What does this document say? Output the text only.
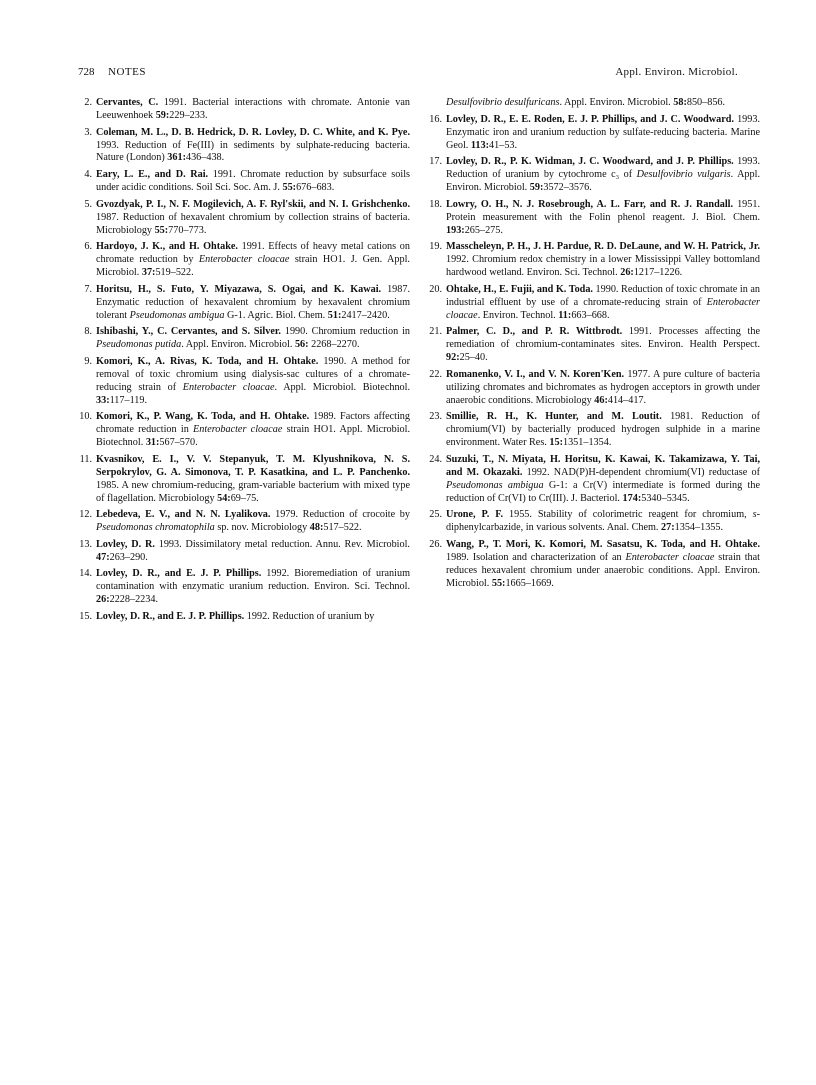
728 NOTES	Appl. Environ. Microbiol.

2. Cervantes, C. 1991. Bacterial interactions with chromate. Antonie van Leeuwenhoek 59:229–233.

3. Coleman, M. L., D. B. Hedrick, D. R. Lovley, D. C. White, and K. Pye. 1993. Reduction of Fe(III) in sediments by sulphate-reducing bacteria. Nature (London) 361:436–438.

4. Eary, L. E., and D. Rai. 1991. Chromate reduction by subsurface soils under acidic conditions. Soil Sci. Soc. Am. J. 55:676–683.

5. Gvozdyak, P. I., N. F. Mogilevich, A. F. Ryl'skii, and N. I. Grishchenko. 1987. Reduction of hexavalent chromium by collection strains of bacteria. Microbiology 55:770–773.

6. Hardoyo, J. K., and H. Ohtake. 1991. Effects of heavy metal cations on chromate reduction by Enterobacter cloacae strain HO1. J. Gen. Appl. Microbiol. 37:519–522.

7. Horitsu, H., S. Futo, Y. Miyazawa, S. Ogai, and K. Kawai. 1987. Enzymatic reduction of hexavalent chromium by hexavalent chromium tolerant Pseudomonas ambigua G-1. Agric. Biol. Chem. 51:2417–2420.

8. Ishibashi, Y., C. Cervantes, and S. Silver. 1990. Chromium reduction in Pseudomonas putida. Appl. Environ. Microbiol. 56: 2268–2270.

9. Komori, K., A. Rivas, K. Toda, and H. Ohtake. 1990. A method for removal of toxic chromium using dialysis-sac cultures of a chromate-reducing strain of Enterobacter cloacae. Appl. Microbiol. Biotechnol. 33:117–119.

10. Komori, K., P. Wang, K. Toda, and H. Ohtake. 1989. Factors affecting chromate reduction in Enterobacter cloacae strain HO1. Appl. Microbiol. Biotechnol. 31:567–570.

11. Kvasnikov, E. I., V. V. Stepanyuk, T. M. Klyushnikova, N. S. Serpokrylov, G. A. Simonova, T. P. Kasatkina, and L. P. Panchenko. 1985. A new chromium-reducing, gram-variable bacterium with mixed type of flagellation. Microbiology 54:69–75.

12. Lebedeva, E. V., and N. N. Lyalikova. 1979. Reduction of crocoite by Pseudomonas chromatophila sp. nov. Microbiology 48:517–522.

13. Lovley, D. R. 1993. Dissimilatory metal reduction. Annu. Rev. Microbiol. 47:263–290.

14. Lovley, D. R., and E. J. P. Phillips. 1992. Bioremediation of uranium contamination with enzymatic uranium reduction. Environ. Sci. Technol. 26:2228–2234.

15. Lovley, D. R., and E. J. P. Phillips. 1992. Reduction of uranium by

Desulfovibrio desulfuricans. Appl. Environ. Microbiol. 58:850–856.

16. Lovley, D. R., E. E. Roden, E. J. P. Phillips, and J. C. Woodward. 1993. Enzymatic iron and uranium reduction by sulfate-reducing bacteria. Marine Geol. 113:41–53.

17. Lovley, D. R., P. K. Widman, J. C. Woodward, and J. P. Phillips. 1993. Reduction of uranium by cytochrome c₃ of Desulfovibrio vulgaris. Appl. Environ. Microbiol. 59:3572–3576.

18. Lowry, O. H., N. J. Rosebrough, A. L. Farr, and R. J. Randall. 1951. Protein measurement with the Folin phenol reagent. J. Biol. Chem. 193:265–275.

19. Masscheleyn, P. H., J. H. Pardue, R. D. DeLaune, and W. H. Patrick, Jr. 1992. Chromium redox chemistry in a lower Mississippi Valley bottomland hardwood wetland. Environ. Sci. Technol. 26:1217–1226.

20. Ohtake, H., E. Fujii, and K. Toda. 1990. Reduction of toxic chromate in an industrial effluent by use of a chromate-reducing strain of Enterobacter cloacae. Environ. Technol. 11:663–668.

21. Palmer, C. D., and P. R. Wittbrodt. 1991. Processes affecting the remediation of chromium-contaminates sites. Environ. Health Perspect. 92:25–40.

22. Romanenko, V. I., and V. N. Koren'Ken. 1977. A pure culture of bacteria utilizing chromates and bichromates as hydrogen acceptors in growth under anaerobic conditions. Microbiology 46:414–417.

23. Smillie, R. H., K. Hunter, and M. Loutit. 1981. Reduction of chromium(VI) by bacterially produced hydrogen sulphide in a marine environment. Water Res. 15:1351–1354.

24. Suzuki, T., N. Miyata, H. Horitsu, K. Kawai, K. Takamizawa, Y. Tai, and M. Okazaki. 1992. NAD(P)H-dependent chromium(VI) reductase of Pseudomonas ambigua G-1: a Cr(V) intermediate is formed during the reduction of Cr(VI) to Cr(III). J. Bacteriol. 174:5340–5345.

25. Urone, P. F. 1955. Stability of colorimetric reagent for chromium, s-diphenylcarbazide, in various solvents. Anal. Chem. 27:1354–1355.

26. Wang, P., T. Mori, K. Komori, M. Sasatsu, K. Toda, and H. Ohtake. 1989. Isolation and characterization of an Enterobacter cloacae strain that reduces hexavalent chromium under anaerobic conditions. Appl. Environ. Microbiol. 55:1665–1669.
